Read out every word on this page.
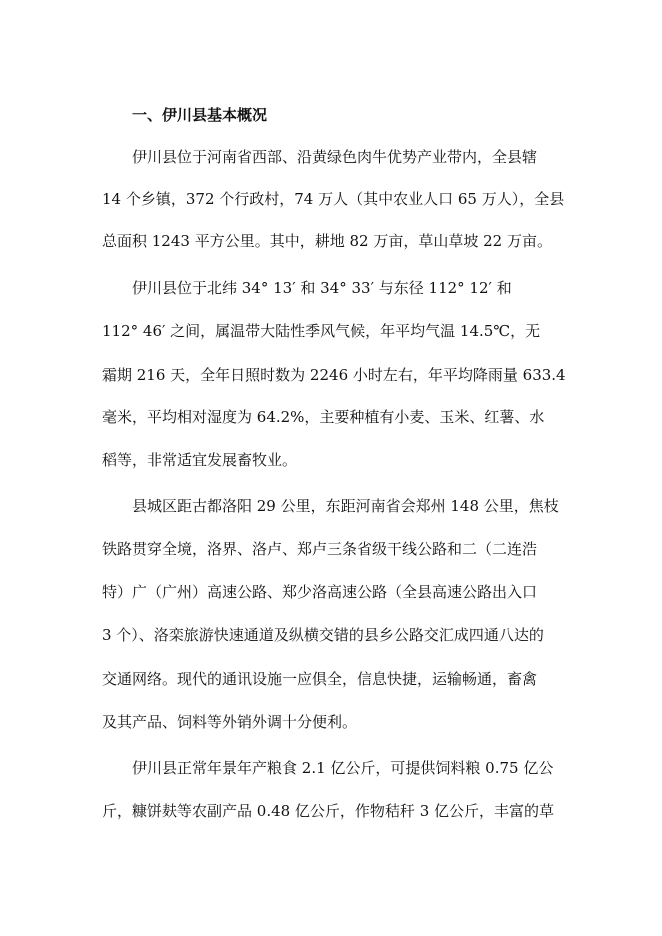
一、伊川县基本概况
伊川县位于河南省西部、沿黄绿色肉牛优势产业带内，全县辖
14 个乡镇，372 个行政村，74 万人（其中农业人口 65 万人），全县
总面积 1243 平方公里。其中，耕地 82 万亩，草山草坡 22 万亩。
伊川县位于北纬 34° 13′ 和 34° 33′ 与东径 112° 12′ 和
112° 46′ 之间，属温带大陆性季风气候，年平均气温 14.5℃，无
霜期 216 天，全年日照时数为 2246 小时左右，年平均降雨量 633.4
毫米，平均相对湿度为 64.2%，主要种植有小麦、玉米、红薯、水
稻等，非常适宜发展畜牧业。
县城区距古都洛阳 29 公里，东距河南省会郑州 148 公里，焦枝
铁路贯穿全境，洛界、洛卢、郑卢三条省级干线公路和二（二连浩
特）广（广州）高速公路、郑少洛高速公路（全县高速公路出入口
3 个）、洛栾旅游快速通道及纵横交错的县乡公路交汇成四通八达的
交通网络。现代的通讯设施一应俱全，信息快捷，运输畅通，畜禽
及其产品、饲料等外销外调十分便利。
伊川县正常年景年产粮食 2.1 亿公斤，可提供饲料粮 0.75 亿公
斤，糠饼麸等农副产品 0.48 亿公斤，作物秸秆 3 亿公斤，丰富的草
